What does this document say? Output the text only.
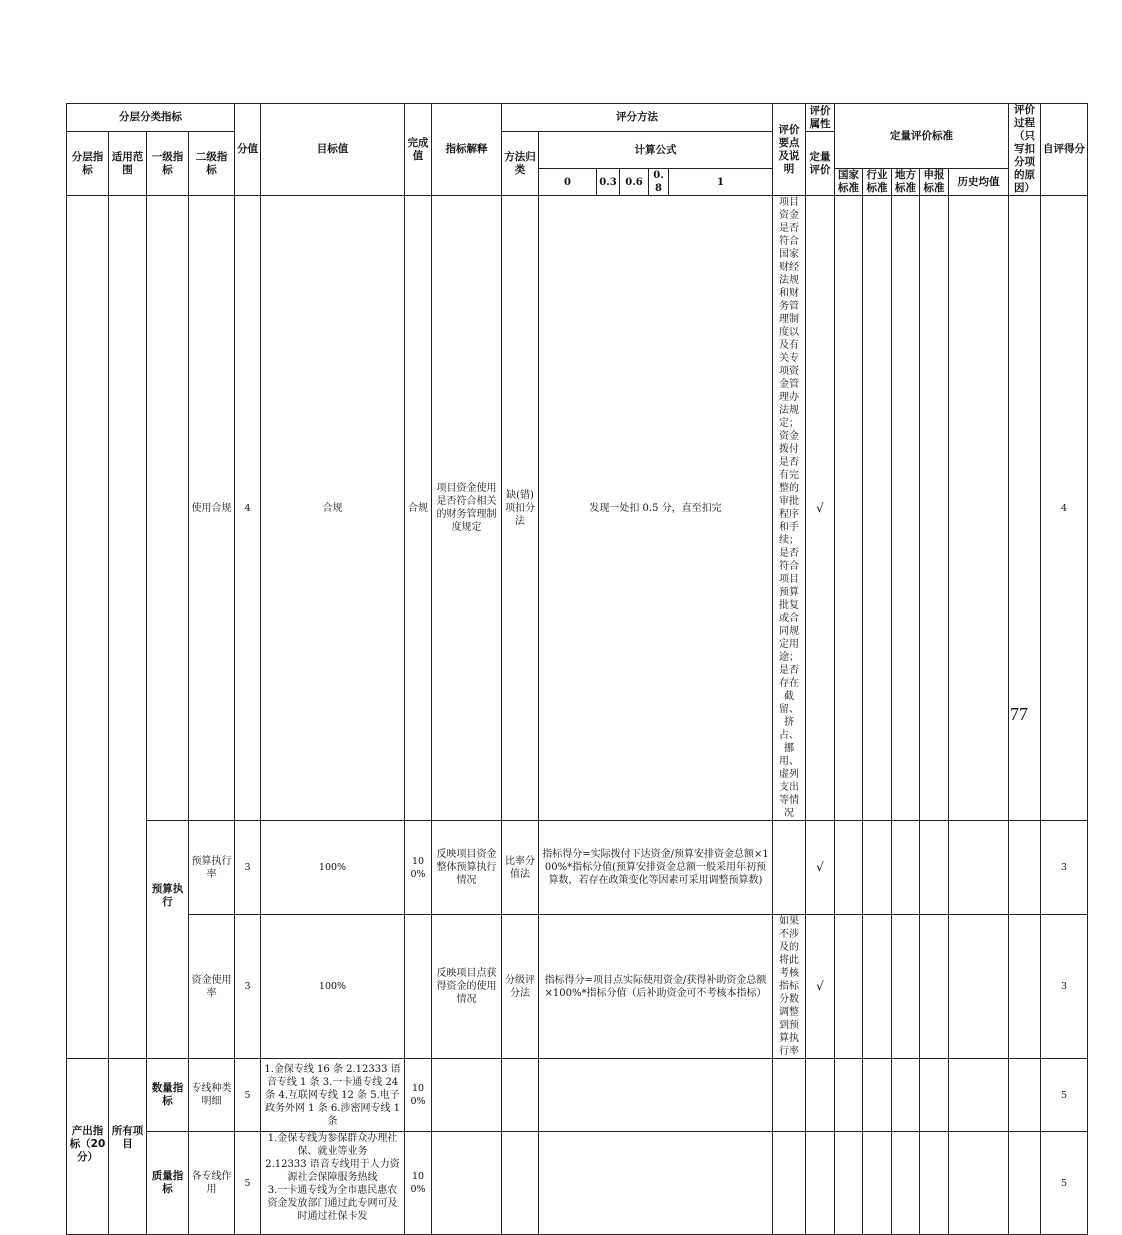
分层分类指标				分值	目标值	完成值	指标解释	评分方法						评价要点及说明	评价属性	定量评价标准					评价过程（只写扣分项的原因）	自评得分
分层指标	适用范围	一级指标	二级指标					方法归类	计算公式						定量评价							
									0	0.3	0.6	0.8	1			国家标准	行业标准	地方标准	申报标准	历史均值		
			使用合规	4	合规	合规	项目资金使用是否符合相关的财务管理制度规定	缺(错)项扣分法	发现一处扣 0.5 分，直至扣完					项目资金是否符合国家财经法规和财务管理制度以及有关专项资金管理办法规定；资金拨付是否有完整的审批程序和手续；是否符合项目预算批复或合同规定用途；是否存在截留、挤占、挪用、虚列支出等情况	√							4
		预算执行	预算执行率	3	100%	100%	反映项目资金整体预算执行情况	比率分值法	指标得分=实际拨付下达资金/预算安排资金总额×100%*指标分值(预算安排资金总额一般采用年初预算数，若存在政策变化等因素可采用调整预算数)						√							3
			资金使用率	3	100%		反映项目点获得资金的使用情况	分级评分法	指标得分=项目点实际使用资金/获得补助资金总额×100%*指标分值（后补助资金可不考核本指标）					如果不涉及的将此考核指标分数调整到预算执行率	√							3
产出指标（20分）	所有项目	数量指标	专线种类明细	5	1.金保专线 16 条 2.12333 语音专线 1 条 3.一卡通专线 24 条 4.互联网专线 12 条 5.电子政务外网 1 条 6.涉密网专线 1 条	100%																5
		质量指标	各专线作用	5	1.金保专线为参保群众办理社保、就业等业务
2.12333 语音专线用于人力资源社会保障服务热线
3.一卡通专线为全市惠民惠农资金发放部门通过此专网可及时通过社保卡发	100%																5
77
